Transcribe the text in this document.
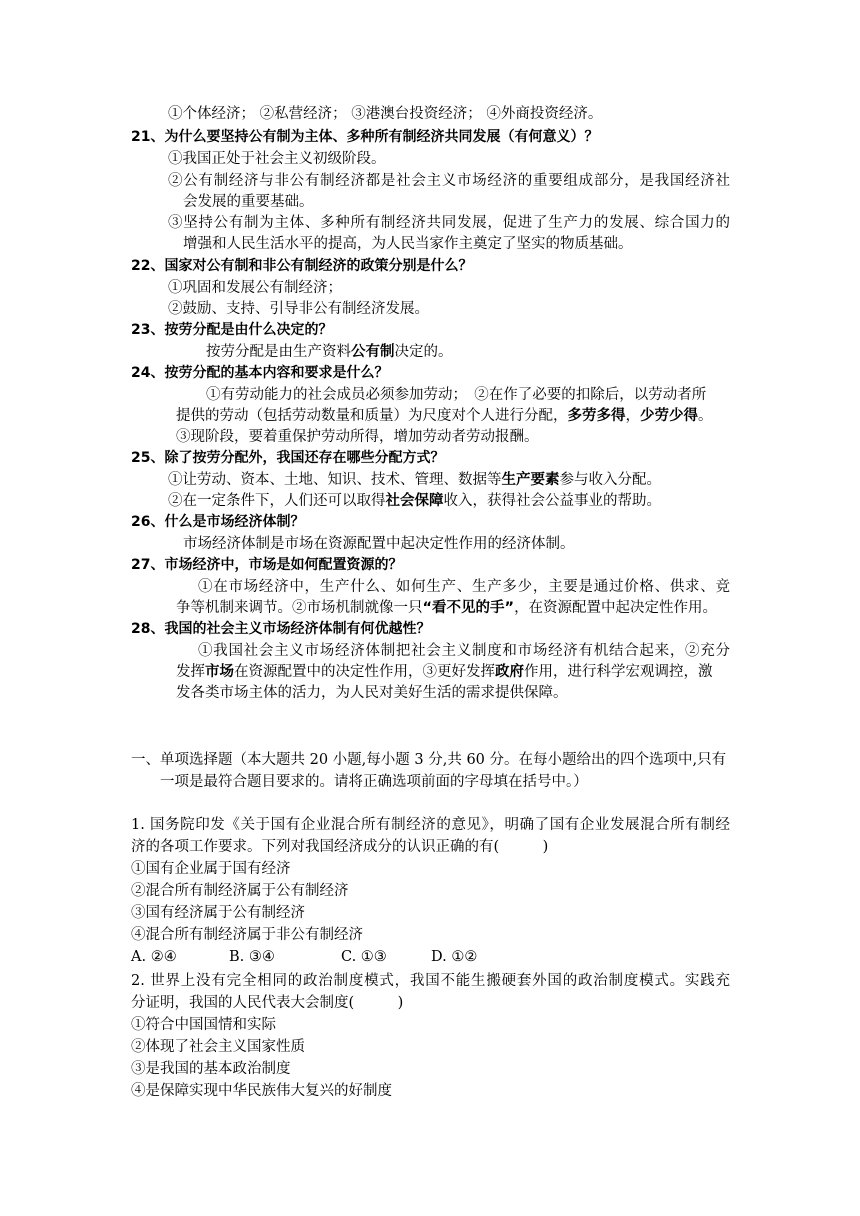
①个体经济； ②私营经济； ③港澳台投资经济； ④外商投资经济。
21、为什么要坚持公有制为主体、多种所有制经济共同发展（有何意义）？
①我国正处于社会主义初级阶段。
②公有制经济与非公有制经济都是社会主义市场经济的重要组成部分，是我国经济社
会发展的重要基础。
③坚持公有制为主体、多种所有制经济共同发展，促进了生产力的发展、综合国力的
增强和人民生活水平的提高，为人民当家作主奠定了坚实的物质基础。
22、国家对公有制和非公有制经济的政策分别是什么？
①巩固和发展公有制经济；
②鼓励、支持、引导非公有制经济发展。
23、按劳分配是由什么决定的？
按劳分配是由生产资料公有制决定的。
24、按劳分配的基本内容和要求是什么？
①有劳动能力的社会成员必须参加劳动；　②在作了必要的扣除后，以劳动者所
提供的劳动（包括劳动数量和质量）为尺度对个人进行分配，多劳多得，少劳少得。
③现阶段，要着重保护劳动所得，增加劳动者劳动报酬。
25、除了按劳分配外，我国还存在哪些分配方式？
①让劳动、资本、土地、知识、技术、管理、数据等生产要素参与收入分配。
②在一定条件下，人们还可以取得社会保障收入，获得社会公益事业的帮助。
26、什么是市场经济体制？
市场经济体制是市场在资源配置中起决定性作用的经济体制。
27、市场经济中，市场是如何配置资源的？
①在市场经济中，生产什么、如何生产、生产多少，主要是通过价格、供求、竞
争等机制来调节。②市场机制就像一只“看不见的手”，在资源配置中起决定性作用。
28、我国的社会主义市场经济体制有何优越性？
①我国社会主义市场经济体制把社会主义制度和市场经济有机结合起来，②充分
发挥市场在资源配置中的决定性作用，③更好发挥政府作用，进行科学宏观调控，激
发各类市场主体的活力，为人民对美好生活的需求提供保障。
一、单项选择题（本大题共 20 小题,每小题 3 分,共 60 分。在每小题给出的四个选项中,只有
一项是最符合题目要求的。请将正确选项前面的字母填在括号中。）
1. 国务院印发《关于国有企业混合所有制经济的意见》，明确了国有企业发展混合所有制经
济的各项工作要求。下列对我国经济成分的认识正确的有(　　　)
①国有企业属于国有经济
②混合所有制经济属于公有制经济
③国有经济属于公有制经济
④混合所有制经济属于非公有制经济
A. ②④	B. ③④	C. ①③	D. ①②
2. 世界上没有完全相同的政治制度模式，我国不能生搬硬套外国的政治制度模式。实践充
分证明，我国的人民代表大会制度(　　　)
①符合中国国情和实际
②体现了社会主义国家性质
③是我国的基本政治制度
④是保障实现中华民族伟大复兴的好制度
